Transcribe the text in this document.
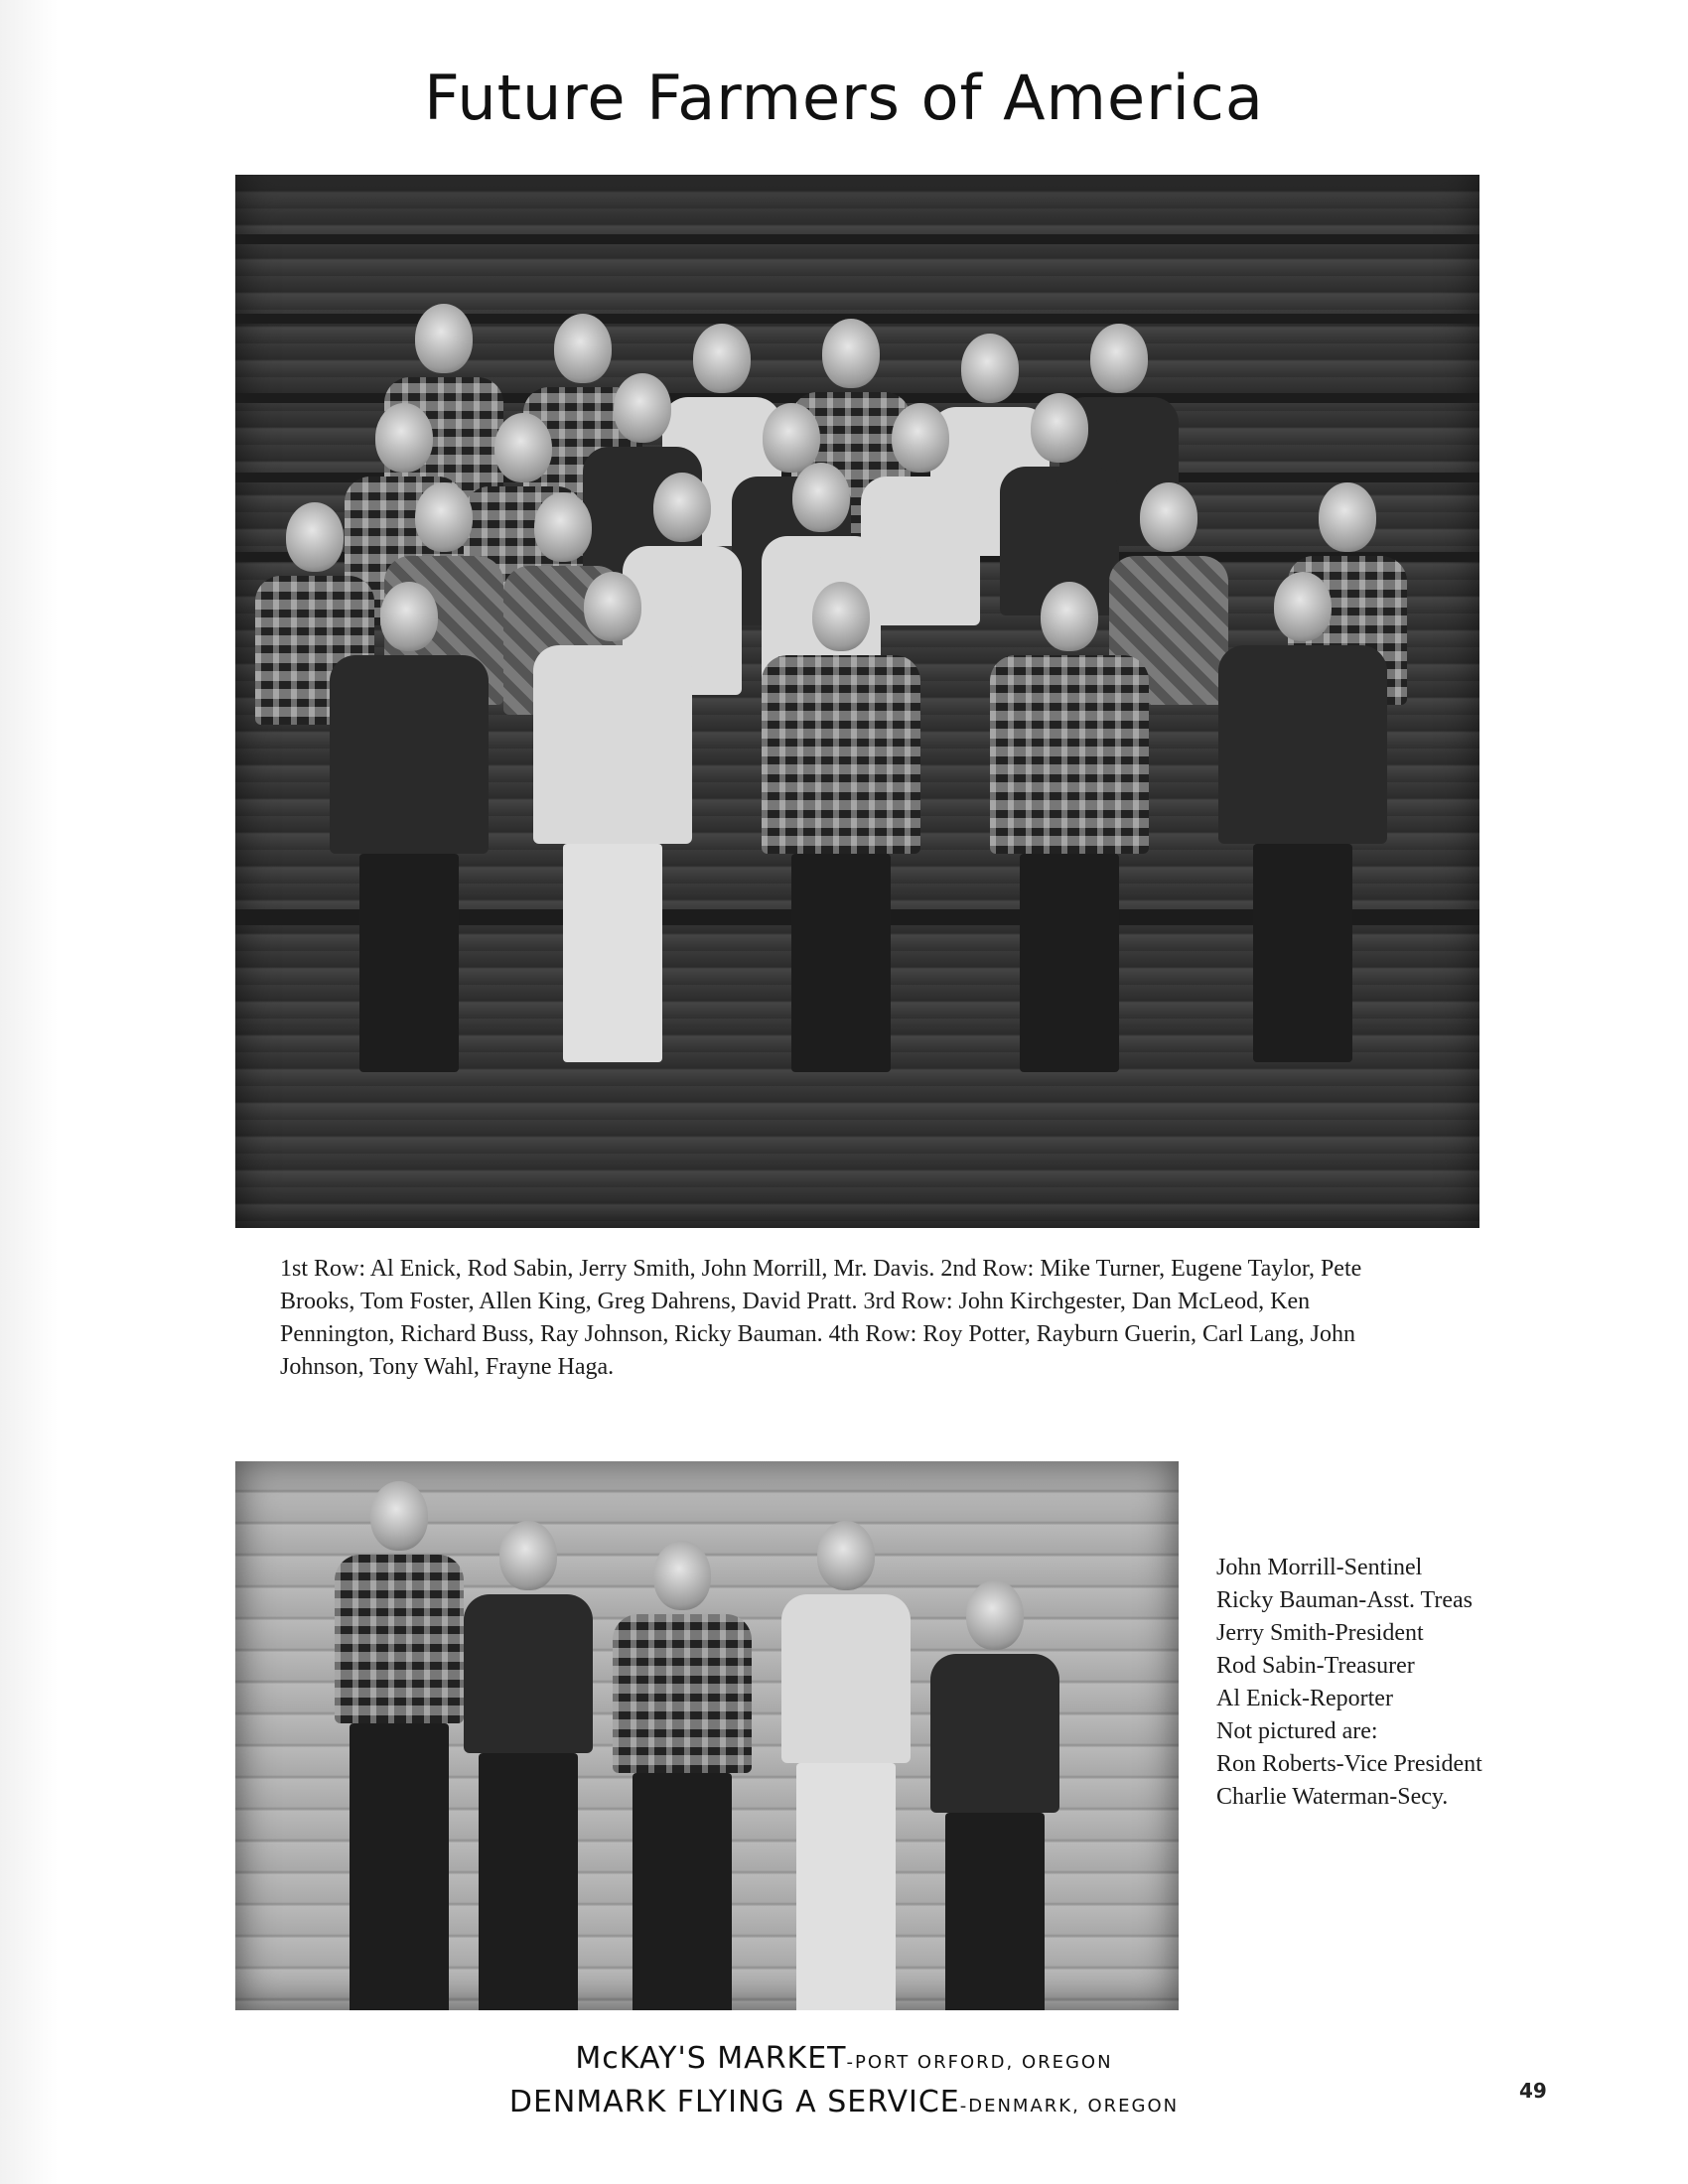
Future Farmers of America

1st Row: Al Enick, Rod Sabin, Jerry Smith, John Morrill, Mr. Davis. 2nd Row: Mike Turner, Eugene Taylor, Pete Brooks, Tom Foster, Allen King, Greg Dahrens, David Pratt. 3rd Row: John Kirchgester, Dan McLeod, Ken Pennington, Richard Buss, Ray Johnson, Ricky Bauman. 4th Row: Roy Potter, Rayburn Guerin, Carl Lang, John Johnson, Tony Wahl, Frayne Haga.

John Morrill-Sentinel
Ricky Bauman-Asst. Treas
Jerry Smith-President
Rod Sabin-Treasurer
Al Enick-Reporter
Not pictured are:
Ron Roberts-Vice President
Charlie Waterman-Secy.
McKAY'S MARKET-PORT ORFORD, OREGON
DENMARK FLYING A SERVICE-DENMARK, OREGON
49
